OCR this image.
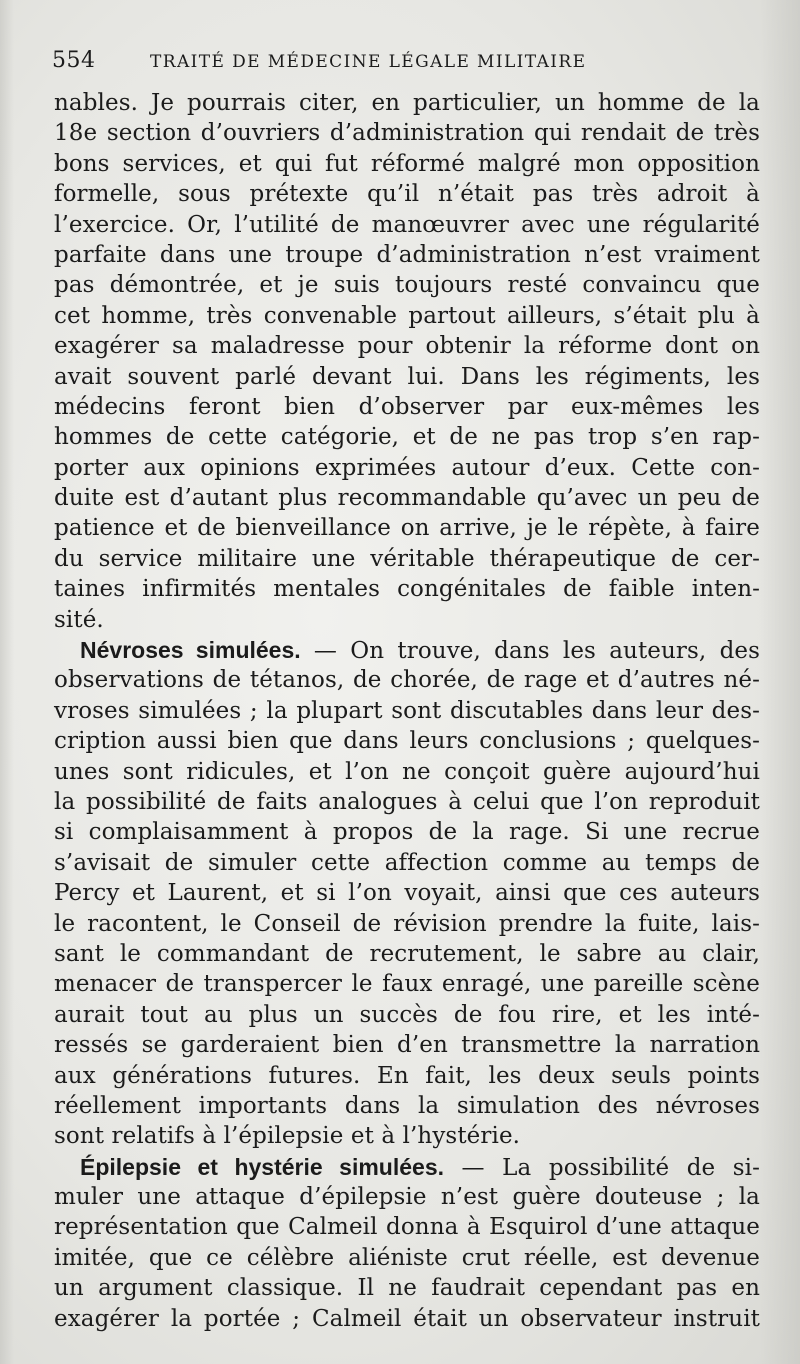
554	TRAITÉ DE MÉDECINE LÉGALE MILITAIRE
nables. Je pourrais citer, en particulier, un homme de la
18e section d’ouvriers d’administration qui rendait de très
bons services, et qui fut réformé malgré mon opposition
formelle, sous prétexte qu’il n’était pas très adroit à
l’exercice. Or, l’utilité de manœuvrer avec une régularité
parfaite dans une troupe d’administration n’est vraiment
pas démontrée, et je suis toujours resté convaincu que
cet homme, très convenable partout ailleurs, s’était plu à
exagérer sa maladresse pour obtenir la réforme dont on
avait souvent parlé devant lui. Dans les régiments, les
médecins feront bien d’observer par eux-mêmes les
hommes de cette catégorie, et de ne pas trop s’en rap-
porter aux opinions exprimées autour d’eux. Cette con-
duite est d’autant plus recommandable qu’avec un peu de
patience et de bienveillance on arrive, je le répète, à faire
du service militaire une véritable thérapeutique de cer-
taines infirmités mentales congénitales de faible inten-
sité.
Névroses simulées. — On trouve, dans les auteurs, des
observations de tétanos, de chorée, de rage et d’autres né-
vroses simulées ; la plupart sont discutables dans leur des-
cription aussi bien que dans leurs conclusions ; quelques-
unes sont ridicules, et l’on ne conçoit guère aujourd’hui
la possibilité de faits analogues à celui que l’on reproduit
si complaisamment à propos de la rage. Si une recrue
s’avisait de simuler cette affection comme au temps de
Percy et Laurent, et si l’on voyait, ainsi que ces auteurs
le racontent, le Conseil de révision prendre la fuite, lais-
sant le commandant de recrutement, le sabre au clair,
menacer de transpercer le faux enragé, une pareille scène
aurait tout au plus un succès de fou rire, et les inté-
ressés se garderaient bien d’en transmettre la narration
aux générations futures. En fait, les deux seuls points
réellement importants dans la simulation des névroses
sont relatifs à l’épilepsie et à l’hystérie.
Épilepsie et hystérie simulées. — La possibilité de si-
muler une attaque d’épilepsie n’est guère douteuse ; la
représentation que Calmeil donna à Esquirol d’une attaque
imitée, que ce célèbre aliéniste crut réelle, est devenue
un argument classique. Il ne faudrait cependant pas en
exagérer la portée ; Calmeil était un observateur instruit
